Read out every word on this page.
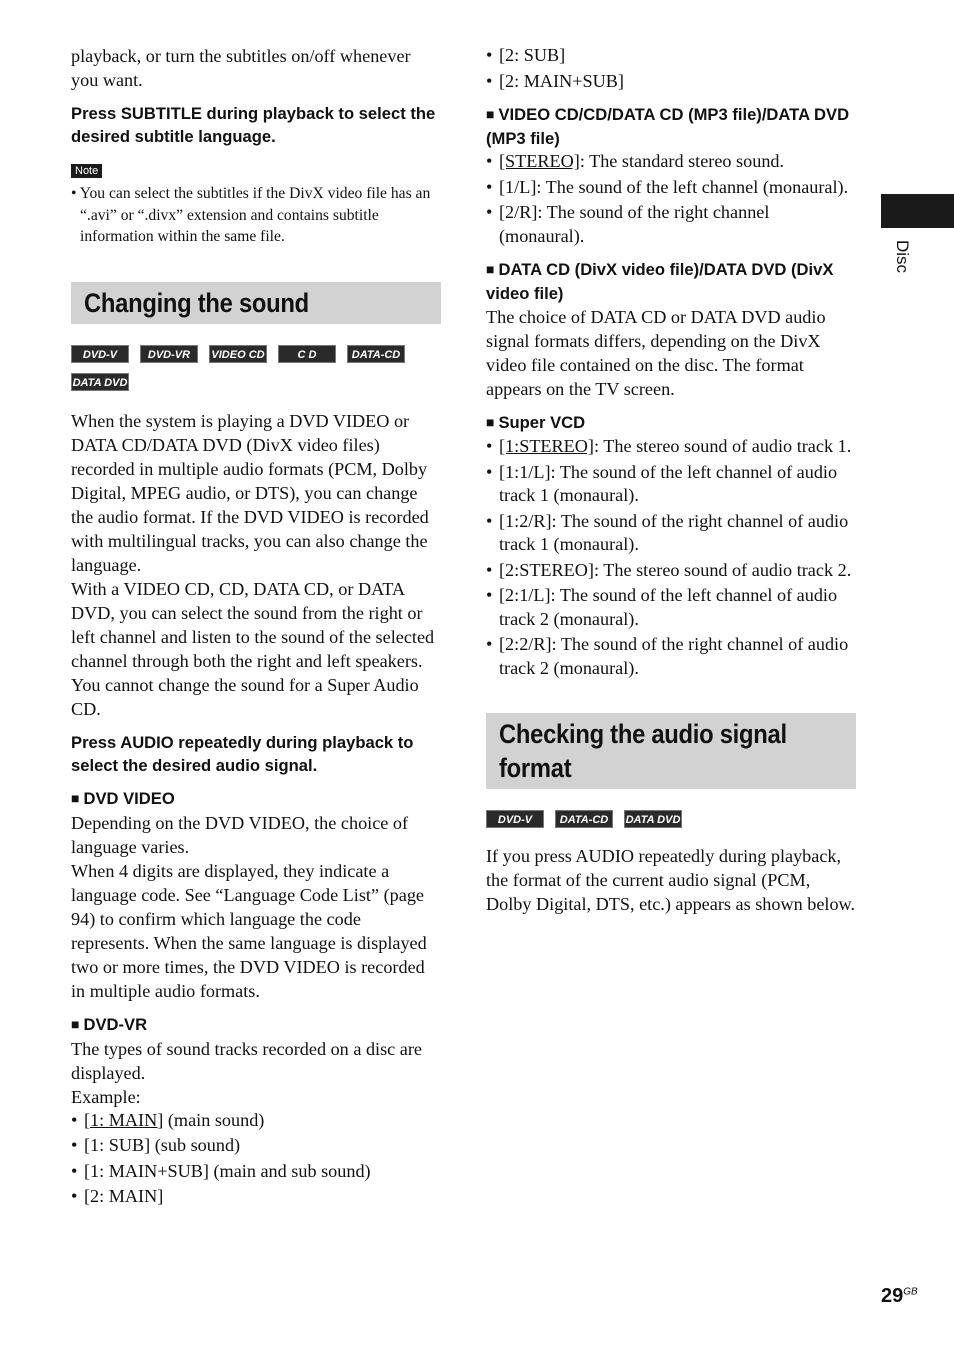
playback, or turn the subtitles on/off whenever you want.

Press SUBTITLE during playback to select the desired subtitle language.

Note

• You can select the subtitles if the DivX video file has an “.avi” or “.divx” extension and contains subtitle information within the same file.

Changing the sound
DVD-V	DVD-VR	VIDEO CD	C D	DATA-CD
DATA DVD

When the system is playing a DVD VIDEO or DATA CD/DATA DVD (DivX video files) recorded in multiple audio formats (PCM, Dolby Digital, MPEG audio, or DTS), you can change the audio format. If the DVD VIDEO is recorded with multilingual tracks, you can also change the language.

With a VIDEO CD, CD, DATA CD, or DATA DVD, you can select the sound from the right or left channel and listen to the sound of the selected channel through both the right and left speakers.

You cannot change the sound for a Super Audio CD.

Press AUDIO repeatedly during playback to select the desired audio signal.

■ DVD VIDEO

Depending on the DVD VIDEO, the choice of language varies.

When 4 digits are displayed, they indicate a language code. See “Language Code List” (page 94) to confirm which language the code represents. When the same language is displayed two or more times, the DVD VIDEO is recorded in multiple audio formats.

■ DVD-VR

The types of sound tracks recorded on a disc are displayed.

Example:

• [1: MAIN] (main sound)
• [1: SUB] (sub sound)
• [1: MAIN+SUB] (main and sub sound)
• [2: MAIN]
• [2: SUB]
• [2: MAIN+SUB]

■ VIDEO CD/CD/DATA CD (MP3 file)/DATA DVD (MP3 file)

• [STEREO]: The standard stereo sound.
• [1/L]: The sound of the left channel (monaural).
• [2/R]: The sound of the right channel (monaural).

■ DATA CD (DivX video file)/DATA DVD (DivX video file)

The choice of DATA CD or DATA DVD audio signal formats differs, depending on the DivX video file contained on the disc. The format appears on the TV screen.

■ Super VCD

• [1:STEREO]: The stereo sound of audio track 1.
• [1:1/L]: The sound of the left channel of audio track 1 (monaural).
• [1:2/R]: The sound of the right channel of audio track 1 (monaural).
• [2:STEREO]: The stereo sound of audio track 2.
• [2:1/L]: The sound of the left channel of audio track 2 (monaural).
• [2:2/R]: The sound of the right channel of audio track 2 (monaural).
Checking the audio signal
format
DVD-V	DATA-CD	DATA DVD

If you press AUDIO repeatedly during playback, the format of the current audio signal (PCM, Dolby Digital, DTS, etc.) appears as shown below.

Disc
$29^{GB}$
